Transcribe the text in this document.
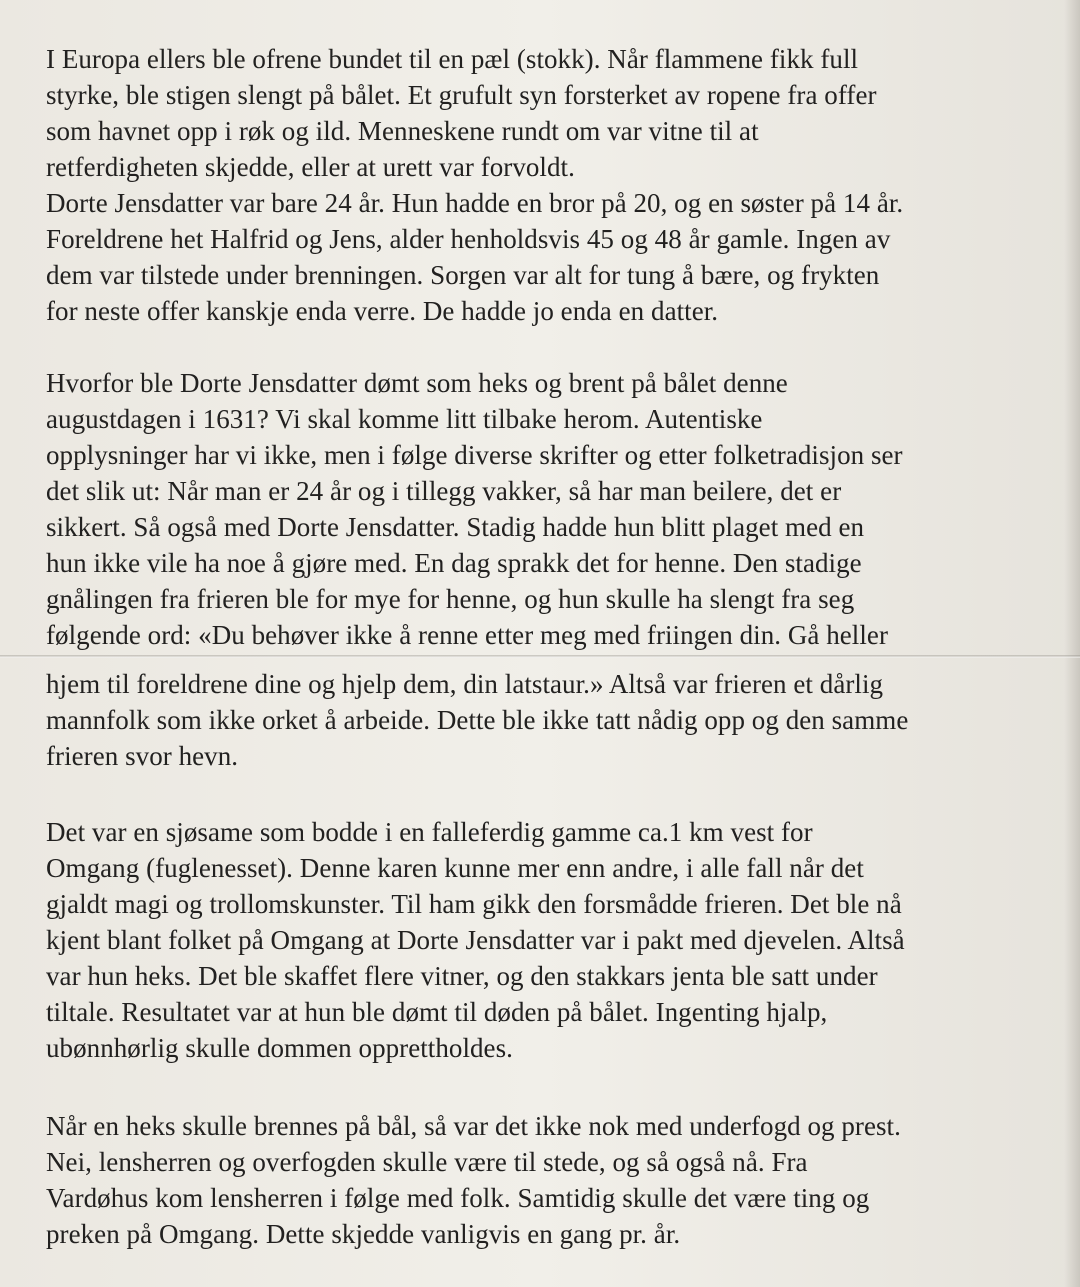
I Europa ellers ble ofrene bundet til en pæl (stokk). Når flammene fikk full

styrke, ble stigen slengt på bålet. Et grufult syn forsterket av ropene fra offer

som havnet opp i røk og ild. Menneskene rundt om var vitne til at

retferdigheten skjedde, eller at urett var forvoldt.

Dorte Jensdatter var bare 24 år. Hun hadde en bror på 20, og en søster på 14 år.

Foreldrene het Halfrid og Jens, alder henholdsvis 45 og 48 år gamle. Ingen av

dem var tilstede under brenningen. Sorgen var alt for tung å bære, og frykten

for neste offer kanskje enda verre. De hadde jo enda en datter.

Hvorfor ble Dorte Jensdatter dømt som heks og brent på bålet denne

augustdagen i 1631? Vi skal komme litt tilbake herom. Autentiske

opplysninger har vi ikke, men i følge diverse skrifter og etter folketradisjon ser

det slik ut: Når man er 24 år og i tillegg vakker, så har man beilere, det er

sikkert. Så også med Dorte Jensdatter. Stadig hadde hun blitt plaget med en

hun ikke vile ha noe å gjøre med. En dag sprakk det for henne. Den stadige

gnålingen fra frieren ble for mye for henne, og hun skulle ha slengt fra seg

følgende ord: «Du behøver ikke å renne etter meg med friingen din. Gå heller

hjem til foreldrene dine og hjelp dem, din latstaur.» Altså var frieren et dårlig

mannfolk som ikke orket å arbeide. Dette ble ikke tatt nådig opp og den samme

frieren svor hevn.

Det var en sjøsame som bodde i en falleferdig gamme ca.1 km vest for

Omgang (fuglenesset). Denne karen kunne mer enn andre, i alle fall når det

gjaldt magi og trollomskunster. Til ham gikk den forsmådde frieren. Det ble nå

kjent blant folket på Omgang at Dorte Jensdatter var i pakt med djevelen. Altså

var hun heks. Det ble skaffet flere vitner, og den stakkars jenta ble satt under

tiltale. Resultatet var at hun ble dømt til døden på bålet. Ingenting hjalp,

ubønnhørlig skulle dommen opprettholdes.

Når en heks skulle brennes på bål, så var det ikke nok med underfogd og prest.

Nei, lensherren og overfogden skulle være til stede, og så også nå. Fra

Vardøhus kom lensherren i følge med folk. Samtidig skulle det være ting og

preken på Omgang. Dette skjedde vanligvis en gang pr. år.
